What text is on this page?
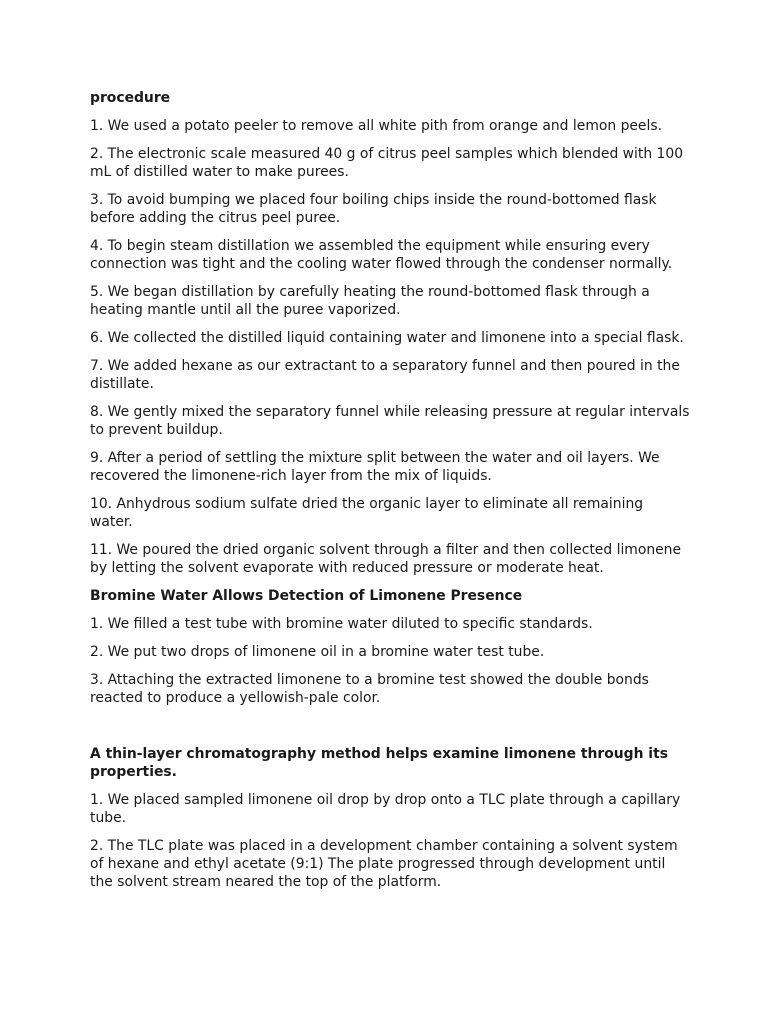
procedure

1. We used a potato peeler to remove all white pith from orange and lemon peels.

2. The electronic scale measured 40 g of citrus peel samples which blended with 100 mL of distilled water to make purees.

3. To avoid bumping we placed four boiling chips inside the round-bottomed flask before adding the citrus peel puree.

4. To begin steam distillation we assembled the equipment while ensuring every connection was tight and the cooling water flowed through the condenser normally.

5. We began distillation by carefully heating the round-bottomed flask through a heating mantle until all the puree vaporized.

6. We collected the distilled liquid containing water and limonene into a special flask.

7. We added hexane as our extractant to a separatory funnel and then poured in the distillate.

8. We gently mixed the separatory funnel while releasing pressure at regular intervals to prevent buildup.

9. After a period of settling the mixture split between the water and oil layers. We recovered the limonene-rich layer from the mix of liquids.

10. Anhydrous sodium sulfate dried the organic layer to eliminate all remaining water.

11. We poured the dried organic solvent through a filter and then collected limonene by letting the solvent evaporate with reduced pressure or moderate heat.

Bromine Water Allows Detection of Limonene Presence

1. We filled a test tube with bromine water diluted to specific standards.

2. We put two drops of limonene oil in a bromine water test tube.

3. Attaching the extracted limonene to a bromine test showed the double bonds reacted to produce a yellowish-pale color.

A thin-layer chromatography method helps examine limonene through its properties.

1. We placed sampled limonene oil drop by drop onto a TLC plate through a capillary tube.

2. The TLC plate was placed in a development chamber containing a solvent system of hexane and ethyl acetate (9:1) The plate progressed through development until the solvent stream neared the top of the platform.
